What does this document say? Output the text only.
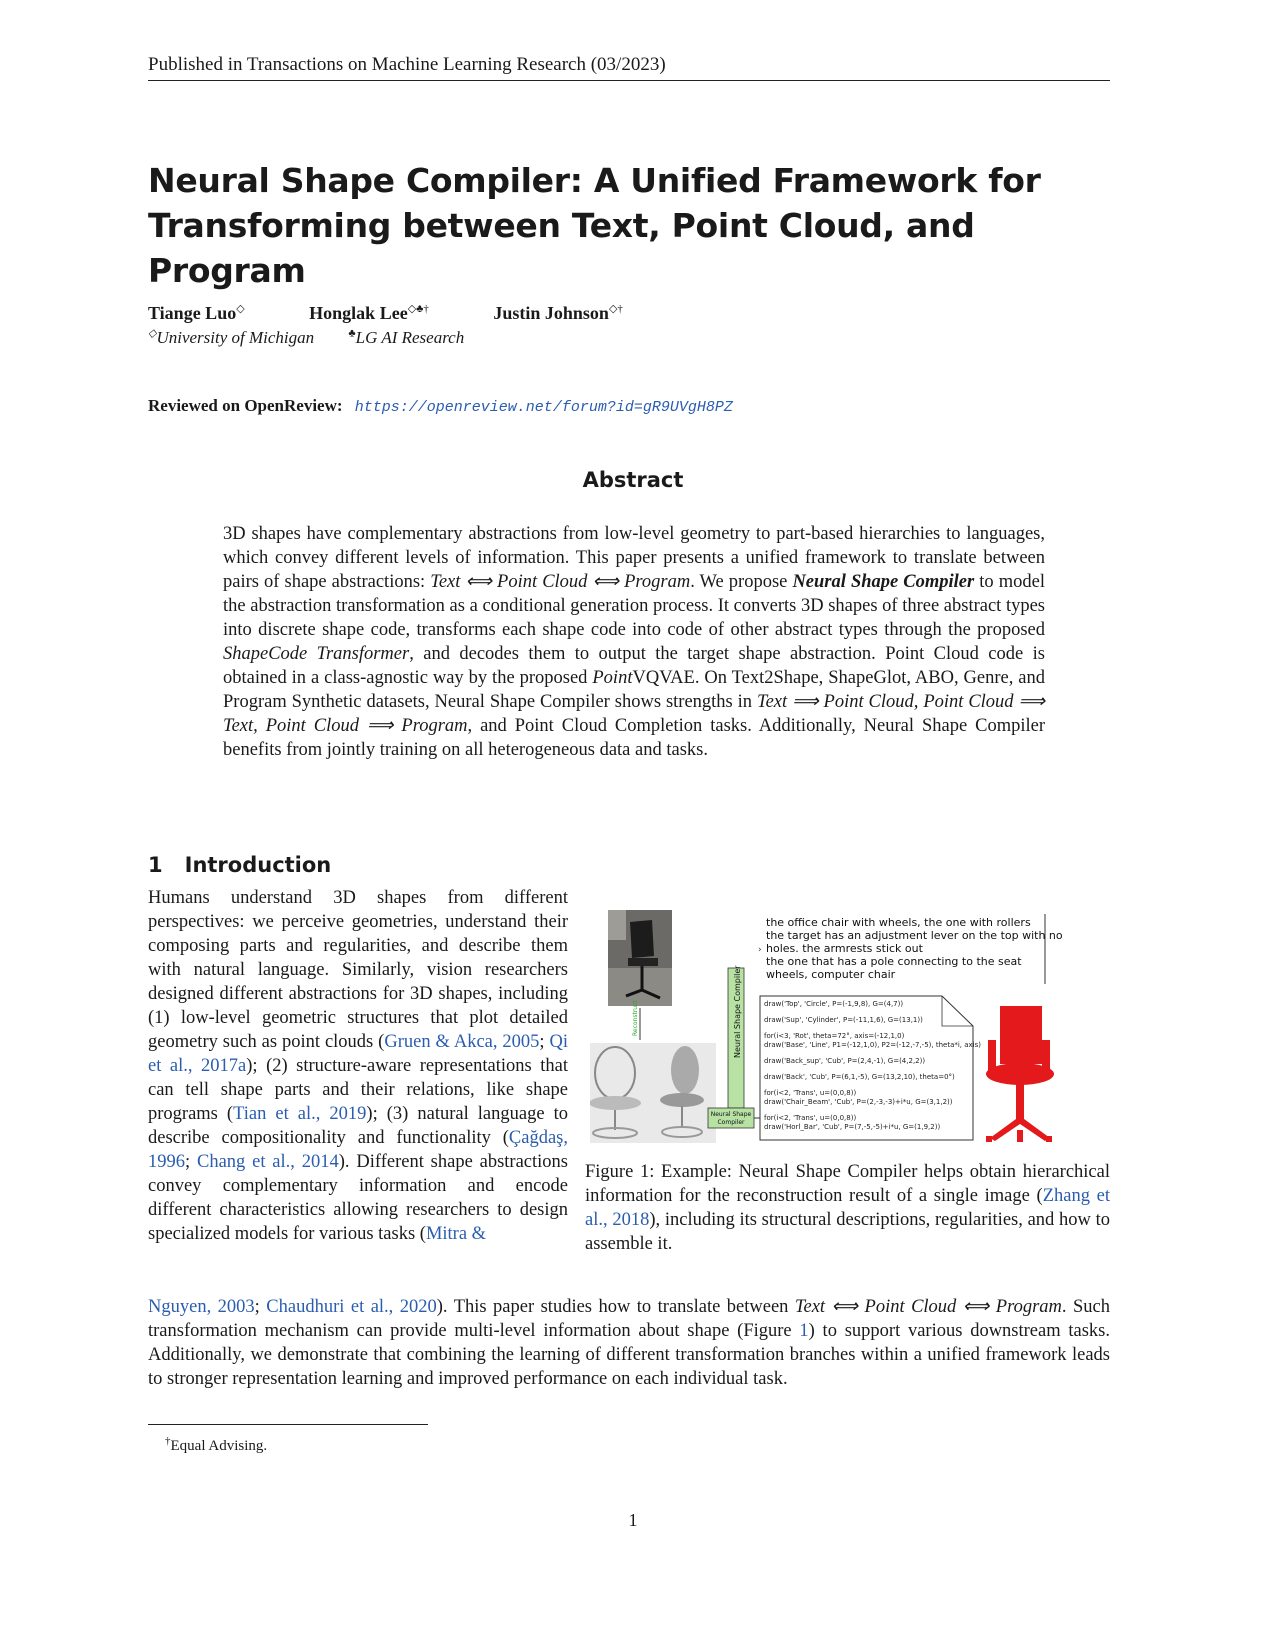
Published in Transactions on Machine Learning Research (03/2023)
Neural Shape Compiler: A Unified Framework for Transforming between Text, Point Cloud, and Program
Tiange Luo◇	Honglak Lee◇♣†	Justin Johnson◇†
◇University of Michigan	♣LG AI Research
Reviewed on OpenReview: https://openreview.net/forum?id=gR9UVgH8PZ
Abstract
3D shapes have complementary abstractions from low-level geometry to part-based hierarchies to languages, which convey different levels of information. This paper presents a unified framework to translate between pairs of shape abstractions: Text ⟺ Point Cloud ⟺ Program. We propose Neural Shape Compiler to model the abstraction transformation as a conditional generation process. It converts 3D shapes of three abstract types into discrete shape code, transforms each shape code into code of other abstract types through the proposed ShapeCode Transformer, and decodes them to output the target shape abstraction. Point Cloud code is obtained in a class-agnostic way by the proposed PointVQVAE. On Text2Shape, ShapeGlot, ABO, Genre, and Program Synthetic datasets, Neural Shape Compiler shows strengths in Text ⟹ Point Cloud, Point Cloud ⟹ Text, Point Cloud ⟹ Program, and Point Cloud Completion tasks. Additionally, Neural Shape Compiler benefits from jointly training on all heterogeneous data and tasks.
1 Introduction
Humans understand 3D shapes from different perspectives: we perceive geometries, understand their composing parts and regularities, and describe them with natural language. Similarly, vision researchers designed different abstractions for 3D shapes, including (1) low-level geometric structures that plot detailed geometry such as point clouds (Gruen & Akca, 2005; Qi et al., 2017a); (2) structure-aware representations that can tell shape parts and their relations, like shape programs (Tian et al., 2019); (3) natural language to describe compositionality and functionality (Çağdaş, 1996; Chang et al., 2014). Different shape abstractions convey complementary information and encode different characteristics allowing researchers to design specialized models for various tasks (Mitra &
Nguyen, 2003; Chaudhuri et al., 2020). This paper studies how to translate between Text ⟺ Point Cloud ⟺ Program. Such transformation mechanism can provide multi-level information about shape (Figure 1) to support various downstream tasks. Additionally, we demonstrate that combining the learning of different transformation branches within a unified framework leads to stronger representation learning and improved performance on each individual task.
Reconstruct	Neural Shape Compiler
Neural Shape
Compiler
the office chair with wheels, the one with rollers
the target has an adjustment lever on the top with no
holes. the armrests stick out
the one that has a pole connecting to the seat
wheels, computer chair
›
draw('Top', 'Circle', P=(-1,9,8), G=(4,7))
draw('Sup', 'Cylinder', P=(-11,1,6), G=(13,1))
for(i<3, 'Rot', theta=72°, axis=(-12,1,0)
draw('Base', 'Line', P1=(-12,1,0), P2=(-12,-7,-5), theta*i, axis)
draw('Back_sup', 'Cub', P=(2,4,-1), G=(4,2,2))
draw('Back', 'Cub', P=(6,1,-5), G=(13,2,10), theta=0°)
for(i<2, 'Trans', u=(0,0,8))
draw('Chair_Beam', 'Cub', P=(2,-3,-3)+i*u, G=(3,1,2))
for(i<2, 'Trans', u=(0,0,8))
draw('Horl_Bar', 'Cub', P=(7,-5,-5)+i*u, G=(1,9,2))
Figure 1: Example: Neural Shape Compiler helps obtain hierarchical information for the reconstruction result of a single image (Zhang et al., 2018), including its structural descriptions, regularities, and how to assemble it.
†Equal Advising.
1
